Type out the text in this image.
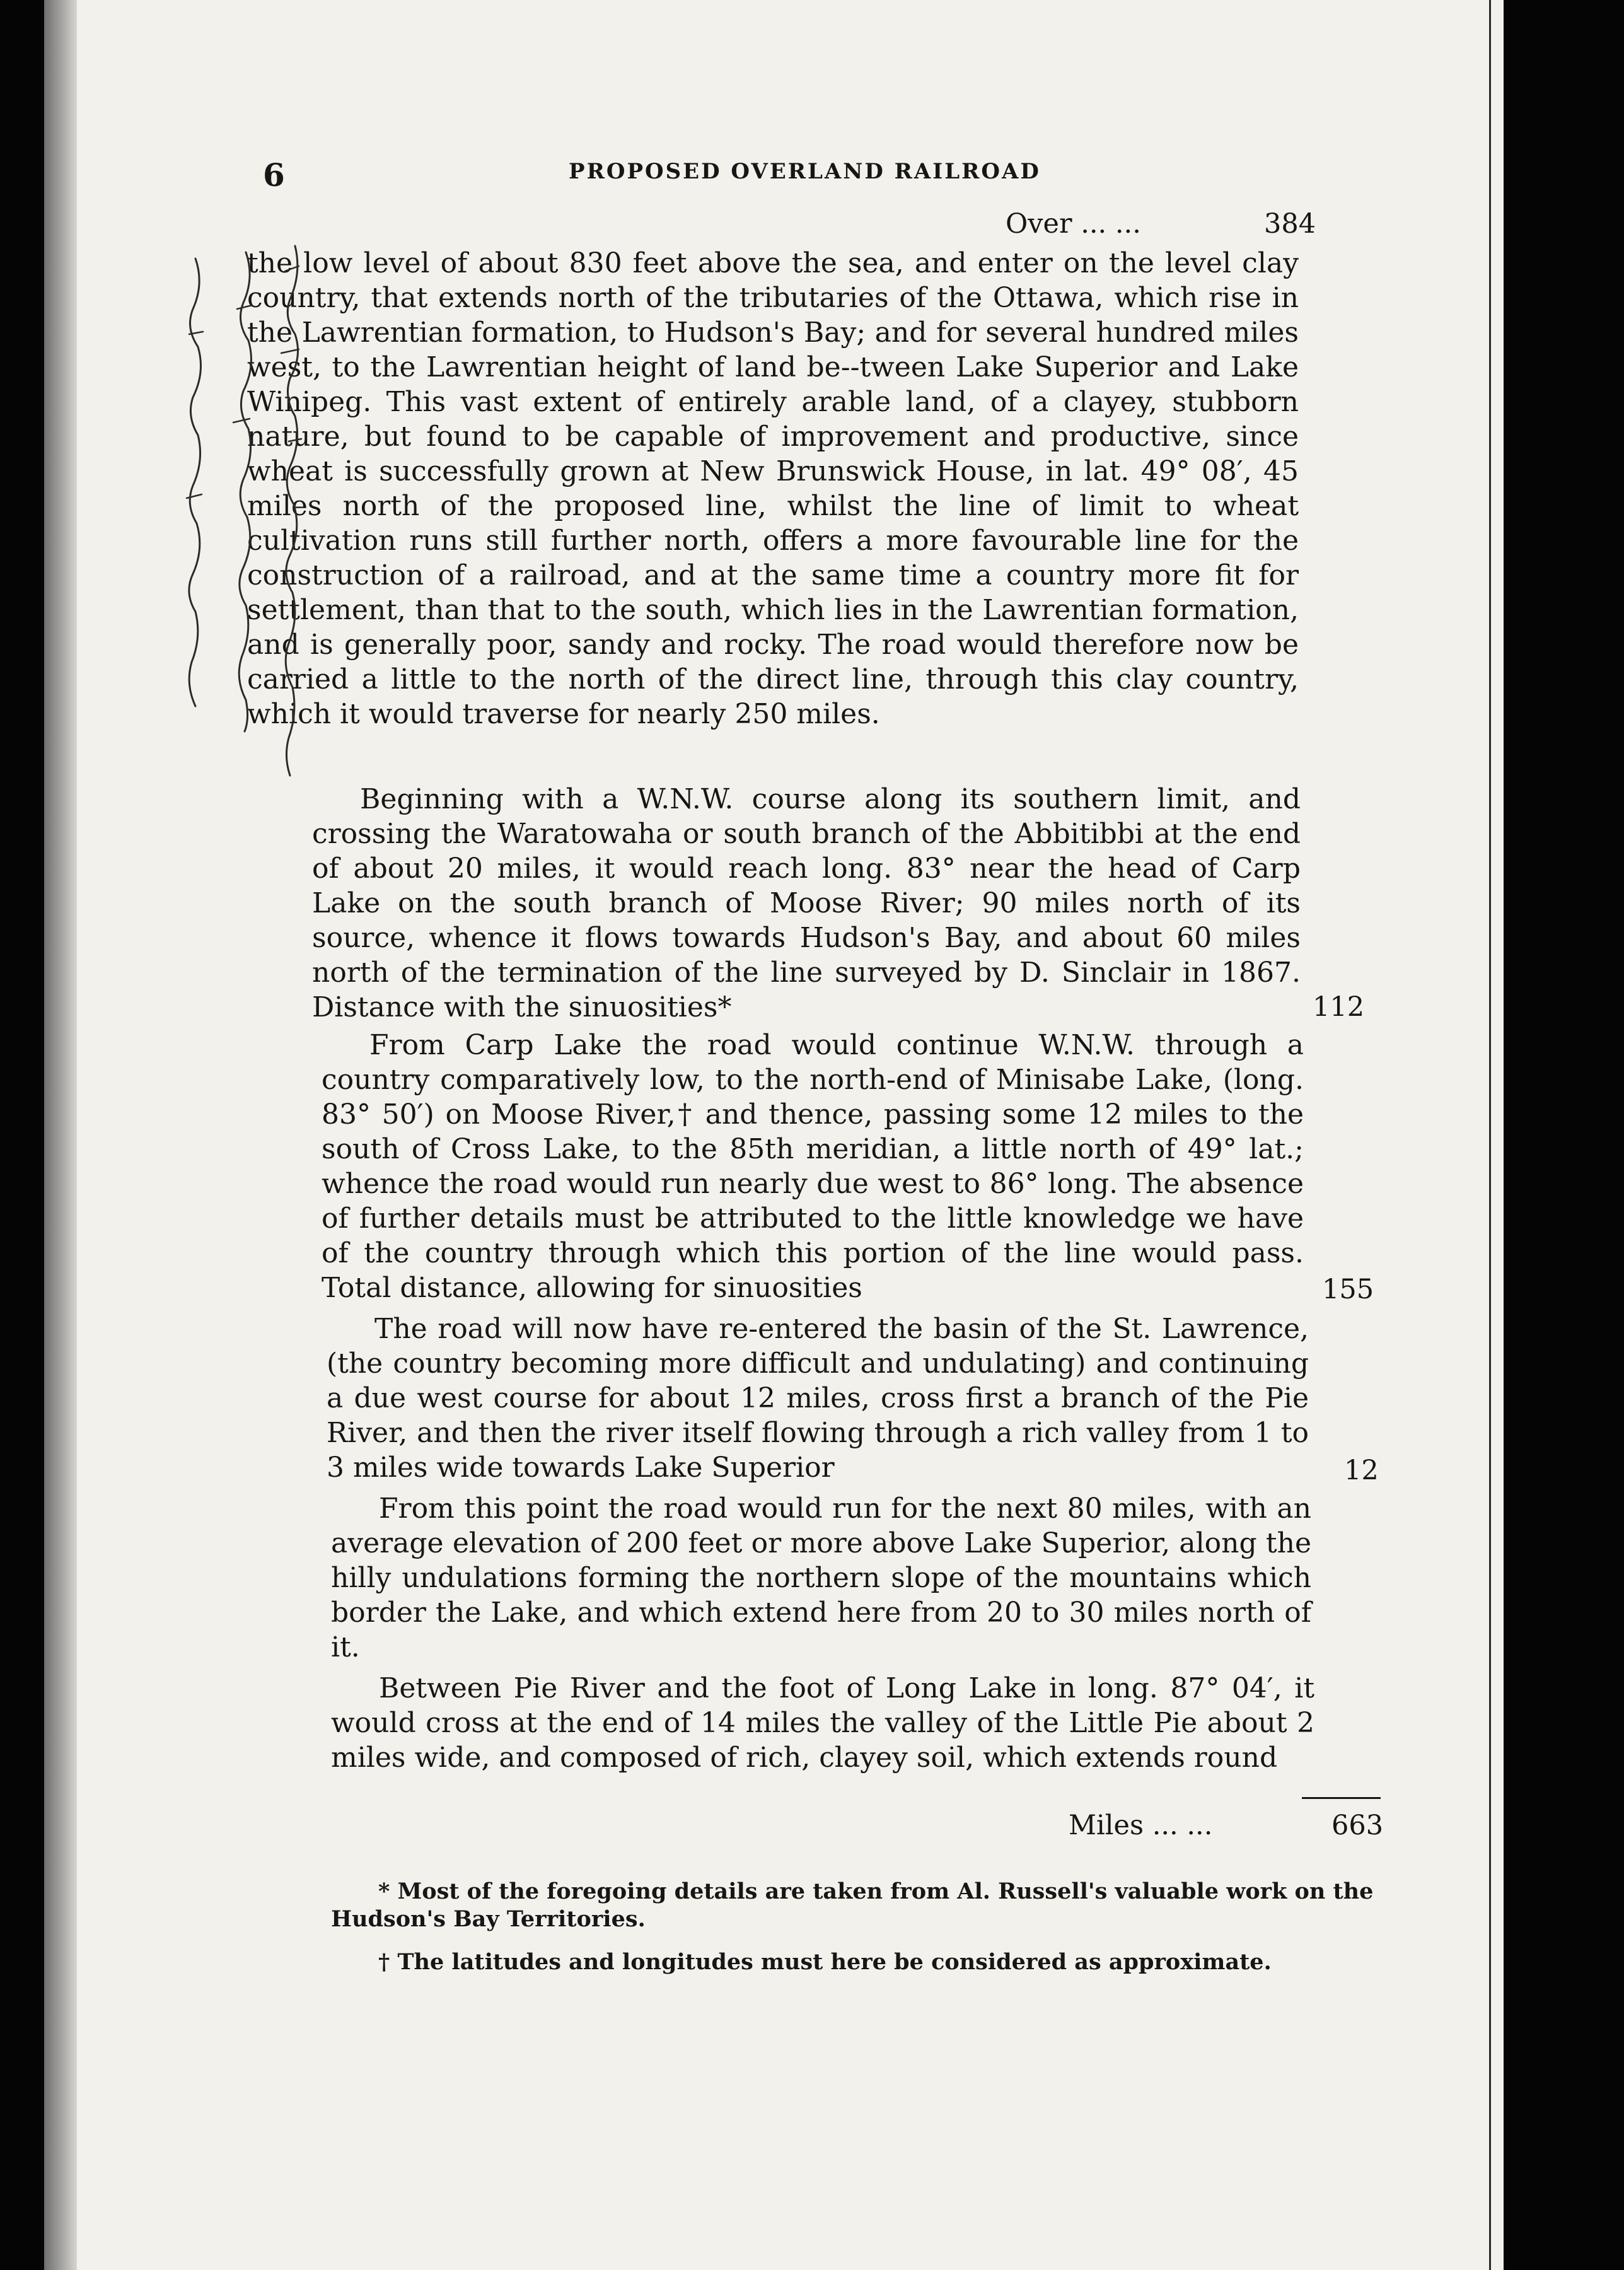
6	PROPOSED OVERLAND RAILROAD
Over ... ...	384

the low level of about 830 feet above the sea, and enter on the level clay country, that extends north of the tributaries of the Ottawa, which rise in the Lawrentian formation, to Hudson's Bay; and for several hundred miles west, to the Lawrentian height of land be--tween Lake Superior and Lake Winipeg. This vast extent of entirely arable land, of a clayey, stubborn nature, but found to be capable of improvement and productive, since wheat is successfully grown at New Brunswick House, in lat. 49° 08′, 45 miles north of the proposed line, whilst the line of limit to wheat cultivation runs still further north, offers a more favourable line for the construction of a railroad, and at the same time a country more fit for settlement, than that to the south, which lies in the Lawrentian formation, and is generally poor, sandy and rocky. The road would therefore now be carried a little to the north of the direct line, through this clay country, which it would traverse for nearly 250 miles.

Beginning with a W.N.W. course along its southern limit, and crossing the Waratowaha or south branch of the Abbitibbi at the end of about 20 miles, it would reach long. 83° near the head of Carp Lake on the south branch of Moose River; 90 miles north of its source, whence it flows towards Hudson's Bay, and about 60 miles north of the termination of the line surveyed by D. Sinclair in 1867. Distance with the sinuosities*	112

From Carp Lake the road would continue W.N.W. through a country comparatively low, to the north-end of Minisabe Lake, (long. 83° 50′) on Moose River,† and thence, passing some 12 miles to the south of Cross Lake, to the 85th meridian, a little north of 49° lat.; whence the road would run nearly due west to 86° long. The absence of further details must be attributed to the little knowledge we have of the country through which this portion of the line would pass. Total distance, allowing for sinuosities	155

The road will now have re-entered the basin of the St. Lawrence, (the country becoming more difficult and undulating) and continuing a due west course for about 12 miles, cross first a branch of the Pie River, and then the river itself flowing through a rich valley from 1 to 3 miles wide towards Lake Superior	12

From this point the road would run for the next 80 miles, with an average elevation of 200 feet or more above Lake Superior, along the hilly undulations forming the northern slope of the mountains which border the Lake, and which extend here from 20 to 30 miles north of it.

Between Pie River and the foot of Long Lake in long. 87° 04′, it would cross at the end of 14 miles the valley of the Little Pie about 2 miles wide, and composed of rich, clayey soil, which extends round

Miles ... ...	663

* Most of the foregoing details are taken from Al. Russell's valuable work on the Hudson's Bay Territories.

† The latitudes and longitudes must here be considered as approximate.
